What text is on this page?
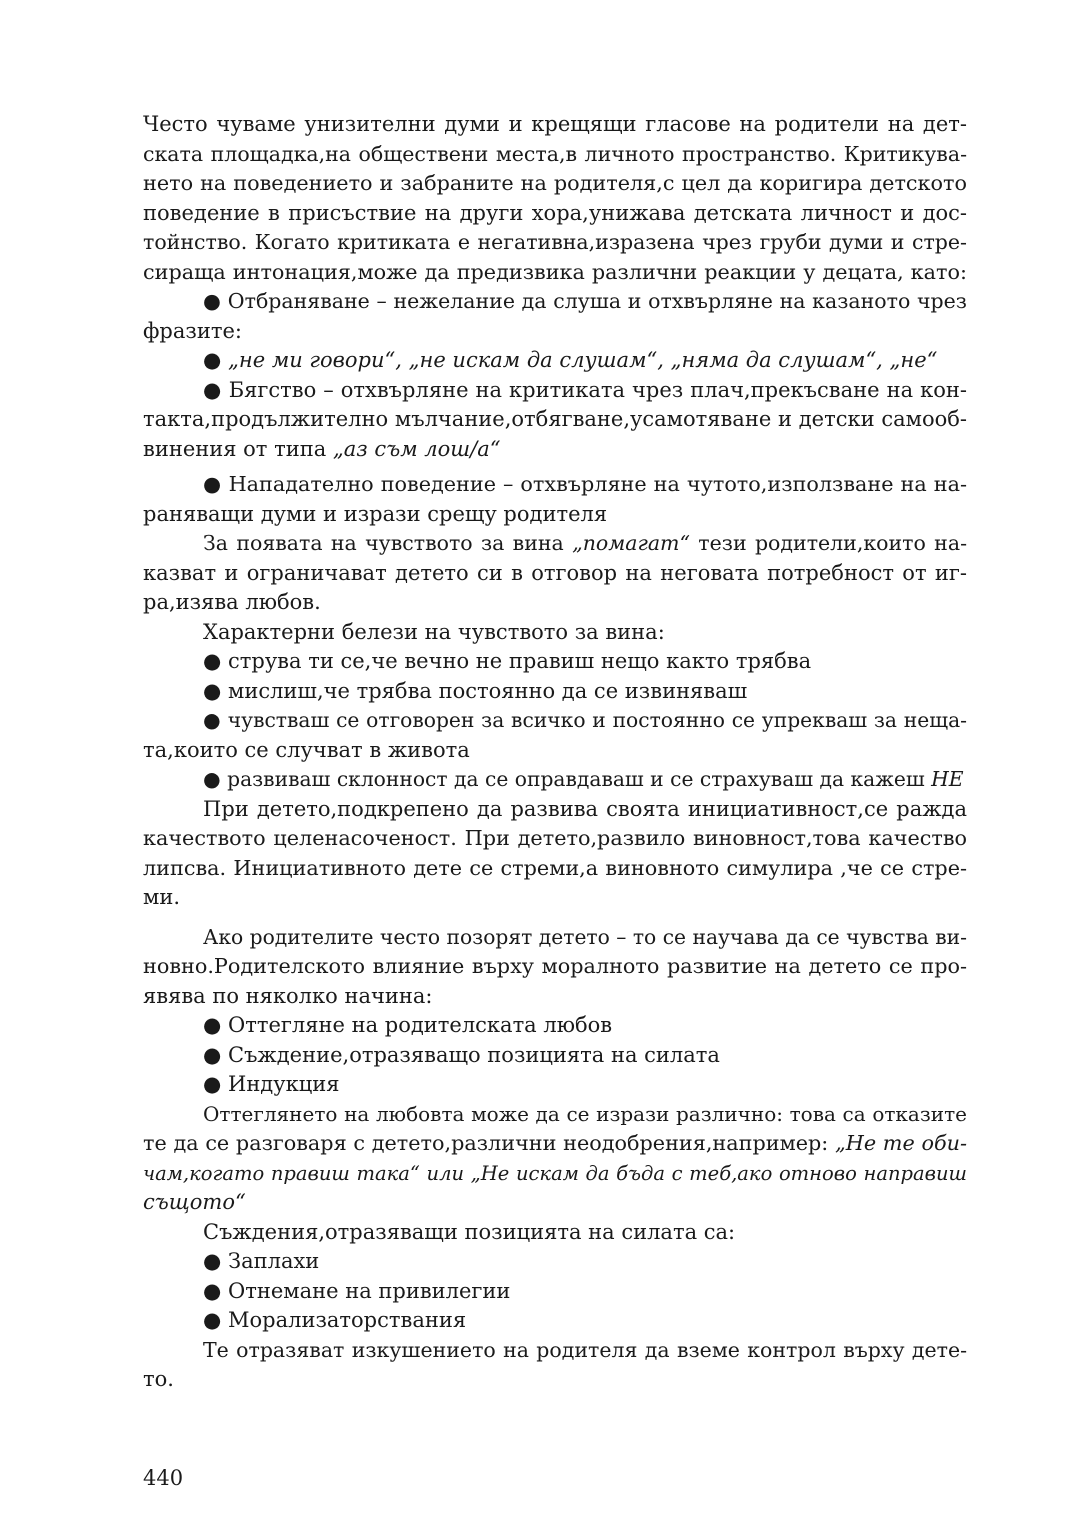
Често чуваме унизителни думи и крещящи гласове на родители на дет-
ската площадка,на обществени места,в личното пространство. Критикува-
нето на поведението и забраните на родителя,с цел да коригира детското
поведение в присъствие на други хора,унижава детската личност и дос-
тойнство. Когато критиката е негативна,изразена чрез груби думи и стре-
сираща интонация,може да предизвика различни реакции у децата, като:
● Отбраняване – нежелание да слуша и отхвърляне на казаното чрез
фразите:
● „не ми говори“, „не искам да слушам“, „няма да слушам“, „не“
● Бягство – отхвърляне на критиката чрез плач,прекъсване на кон-
такта,продължително мълчание,отбягване,усамотяване и детски самооб-
винения от типа „аз съм лош/а“
● Нападателно поведение – отхвърляне на чутото,използване на на-
раняващи думи и изрази срещу родителя
За появата на чувството за вина „помагат“ тези родители,които на-
казват и ограничават детето си в отговор на неговата потребност от иг-
ра,изява любов.
Характерни белези на чувството за вина:
● струва ти се,че вечно не правиш нещо както трябва
● мислиш,че трябва постоянно да се извиняваш
● чувстваш се отговорен за всичко и постоянно се упрекваш за неща-
та,които се случват в живота
● развиваш склонност да се оправдаваш и се страхуваш да кажеш НЕ
При детето,подкрепено да развива своята инициативност,се ражда
качеството целенасоченост. При детето,развило виновност,това качество
липсва. Инициативното дете се стреми,а виновното симулира ,че се стре-
ми.
Ако родителите често позорят детето – то се научава да се чувства ви-
новно.Родителското влияние върху моралното развитие на детето се про-
явява по няколко начина:
● Оттегляне на родителската любов
● Съждение,отразяващо позицията на силата
● Индукция
Оттеглянето на любовта може да се изрази различно: това са отказите
те да се разговаря с детето,различни неодобрения,например: „Не те оби-
чам,когато правиш така“ или „Не искам да бъда с теб,ако отново направиш
същото“
Съждения,отразяващи позицията на силата са:
● Заплахи
● Отнемане на привилегии
● Морализаторствания
Те отразяват изкушението на родителя да вземе контрол върху дете-
то.
440
